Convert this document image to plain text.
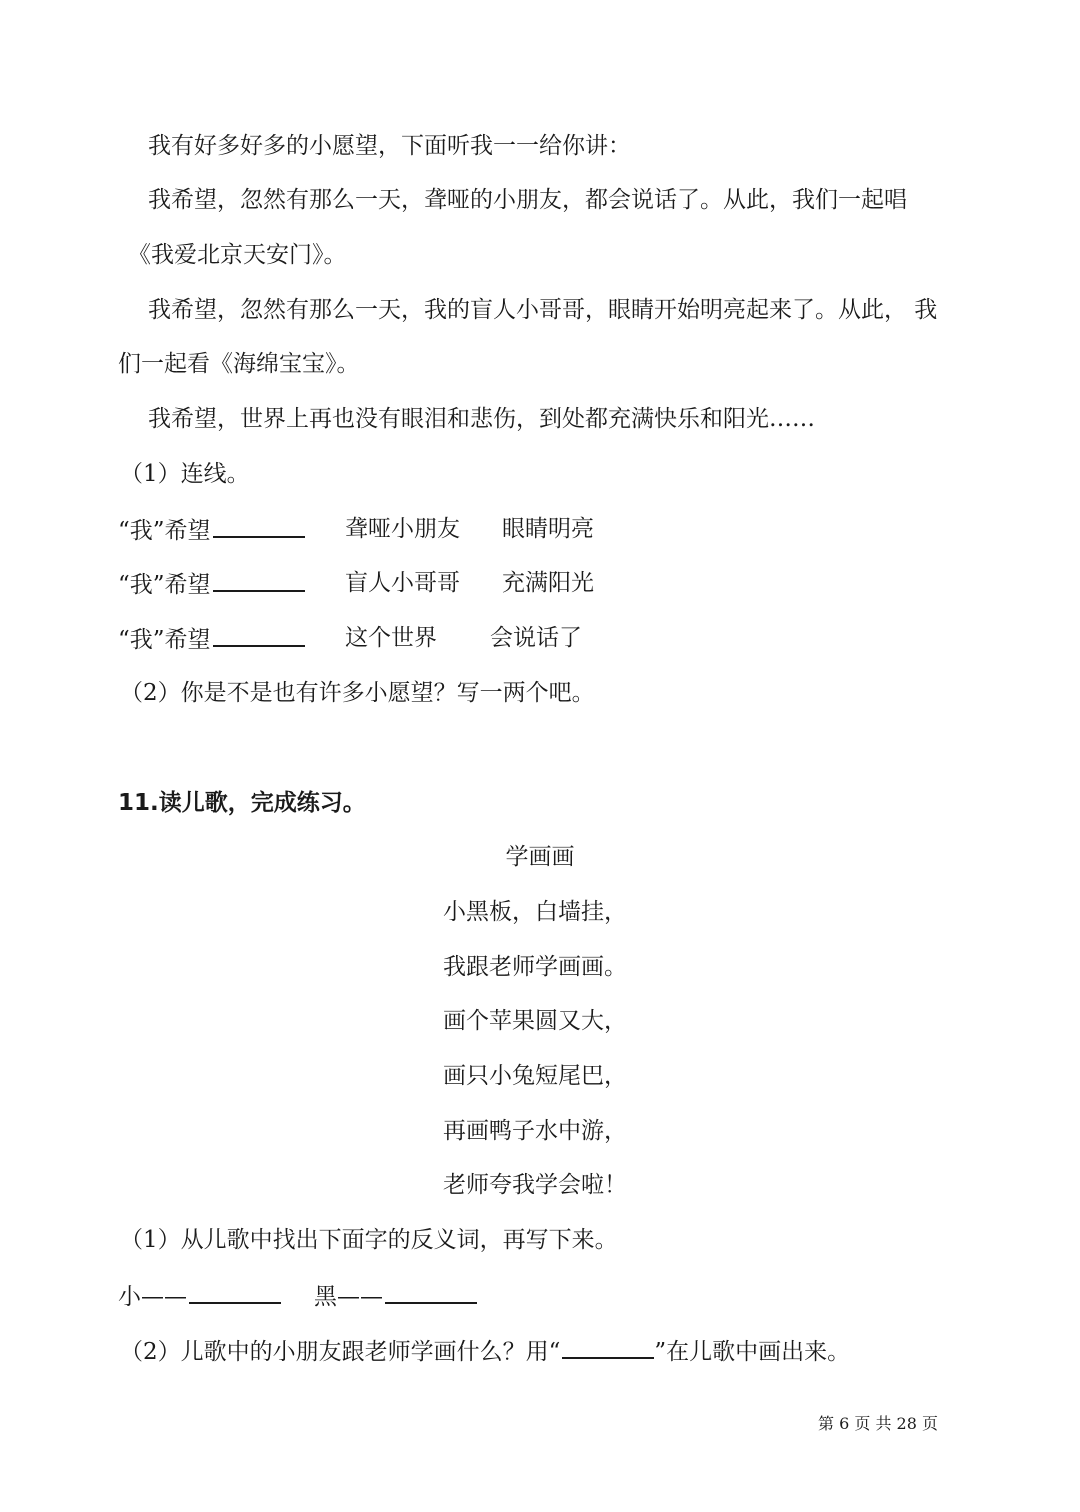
我有好多好多的小愿望，下面听我一一给你讲：
我希望，忽然有那么一天，聋哑的小朋友，都会说话了。从此，我们一起唱
《我爱北京天安门》。
我希望，忽然有那么一天，我的盲人小哥哥，眼睛开始明亮起来了。从此， 我
们一起看《海绵宝宝》。
我希望，世界上再也没有眼泪和悲伤，到处都充满快乐和阳光……
（1）连线。
“我”希望	聋哑小朋友 眼睛明亮
“我”希望	盲人小哥哥 充满阳光
“我”希望	这个世界 会说话了
（2）你是不是也有许多小愿望？写一两个吧。
11.读儿歌，完成练习。
学画画
小黑板，白墙挂，
我跟老师学画画。
画个苹果圆又大，
画只小兔短尾巴，
再画鸭子水中游，
老师夸我学会啦！
（1）从儿歌中找出下面字的反义词，再写下来。
小——	黑——
（2）儿歌中的小朋友跟老师学画什么？用“	”在儿歌中画出来。
第 6 页 共 28 页
